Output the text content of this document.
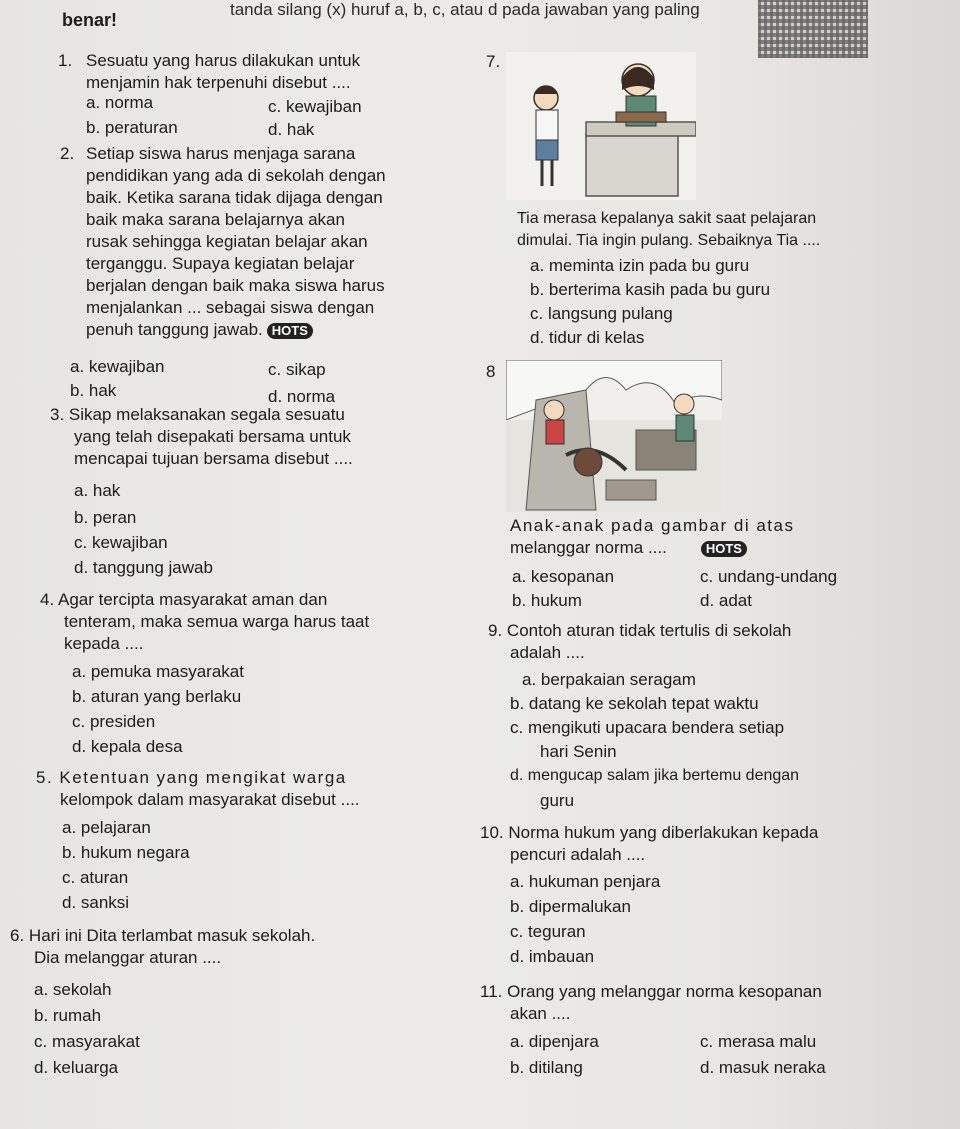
tanda silang (x) huruf a, b, c, atau d pada jawaban yang paling
benar!
1. Sesuatu yang harus dilakukan untuk
menjamin hak terpenuhi disebut ....
a. norma
b. peraturan
c. kewajiban
d. hak
2. Setiap siswa harus menjaga sarana
pendidikan yang ada di sekolah dengan
baik. Ketika sarana tidak dijaga dengan
baik maka sarana belajarnya akan
rusak sehingga kegiatan belajar akan
terganggu. Supaya kegiatan belajar
berjalan dengan baik maka siswa harus
menjalankan ... sebagai siswa dengan
penuh tanggung jawab. HOTS
a. kewajiban
b. hak
c. sikap
d. norma
3. Sikap melaksanakan segala sesuatu
yang telah disepakati bersama untuk
mencapai tujuan bersama disebut ....
a. hak
b. peran
c. kewajiban
d. tanggung jawab
4. Agar tercipta masyarakat aman dan
tenteram, maka semua warga harus taat
kepada ....
a. pemuka masyarakat
b. aturan yang berlaku
c. presiden
d. kepala desa
5. Ketentuan yang mengikat warga
kelompok dalam masyarakat disebut ....
a. pelajaran
b. hukum negara
c. aturan
d. sanksi
6. Hari ini Dita terlambat masuk sekolah.
Dia melanggar aturan ....
a. sekolah
b. rumah
c. masyarakat
d. keluarga
7.
Tia merasa kepalanya sakit saat pelajaran
dimulai. Tia ingin pulang. Sebaiknya Tia ....
a. meminta izin pada bu guru
b. berterima kasih pada bu guru
c. langsung pulang
d. tidur di kelas
8
Anak-anak pada gambar di atas
melanggar norma ....	HOTS
a. kesopanan
b. hukum
c. undang-undang
d. adat
9. Contoh aturan tidak tertulis di sekolah
adalah ....
a. berpakaian seragam
b. datang ke sekolah tepat waktu
c. mengikuti upacara bendera setiap
hari Senin
d. mengucap salam jika bertemu dengan
guru
10. Norma hukum yang diberlakukan kepada
pencuri adalah ....
a. hukuman penjara
b. dipermalukan
c. teguran
d. imbauan
11. Orang yang melanggar norma kesopanan
akan ....
a. dipenjara
b. ditilang
c. merasa malu
d. masuk neraka
